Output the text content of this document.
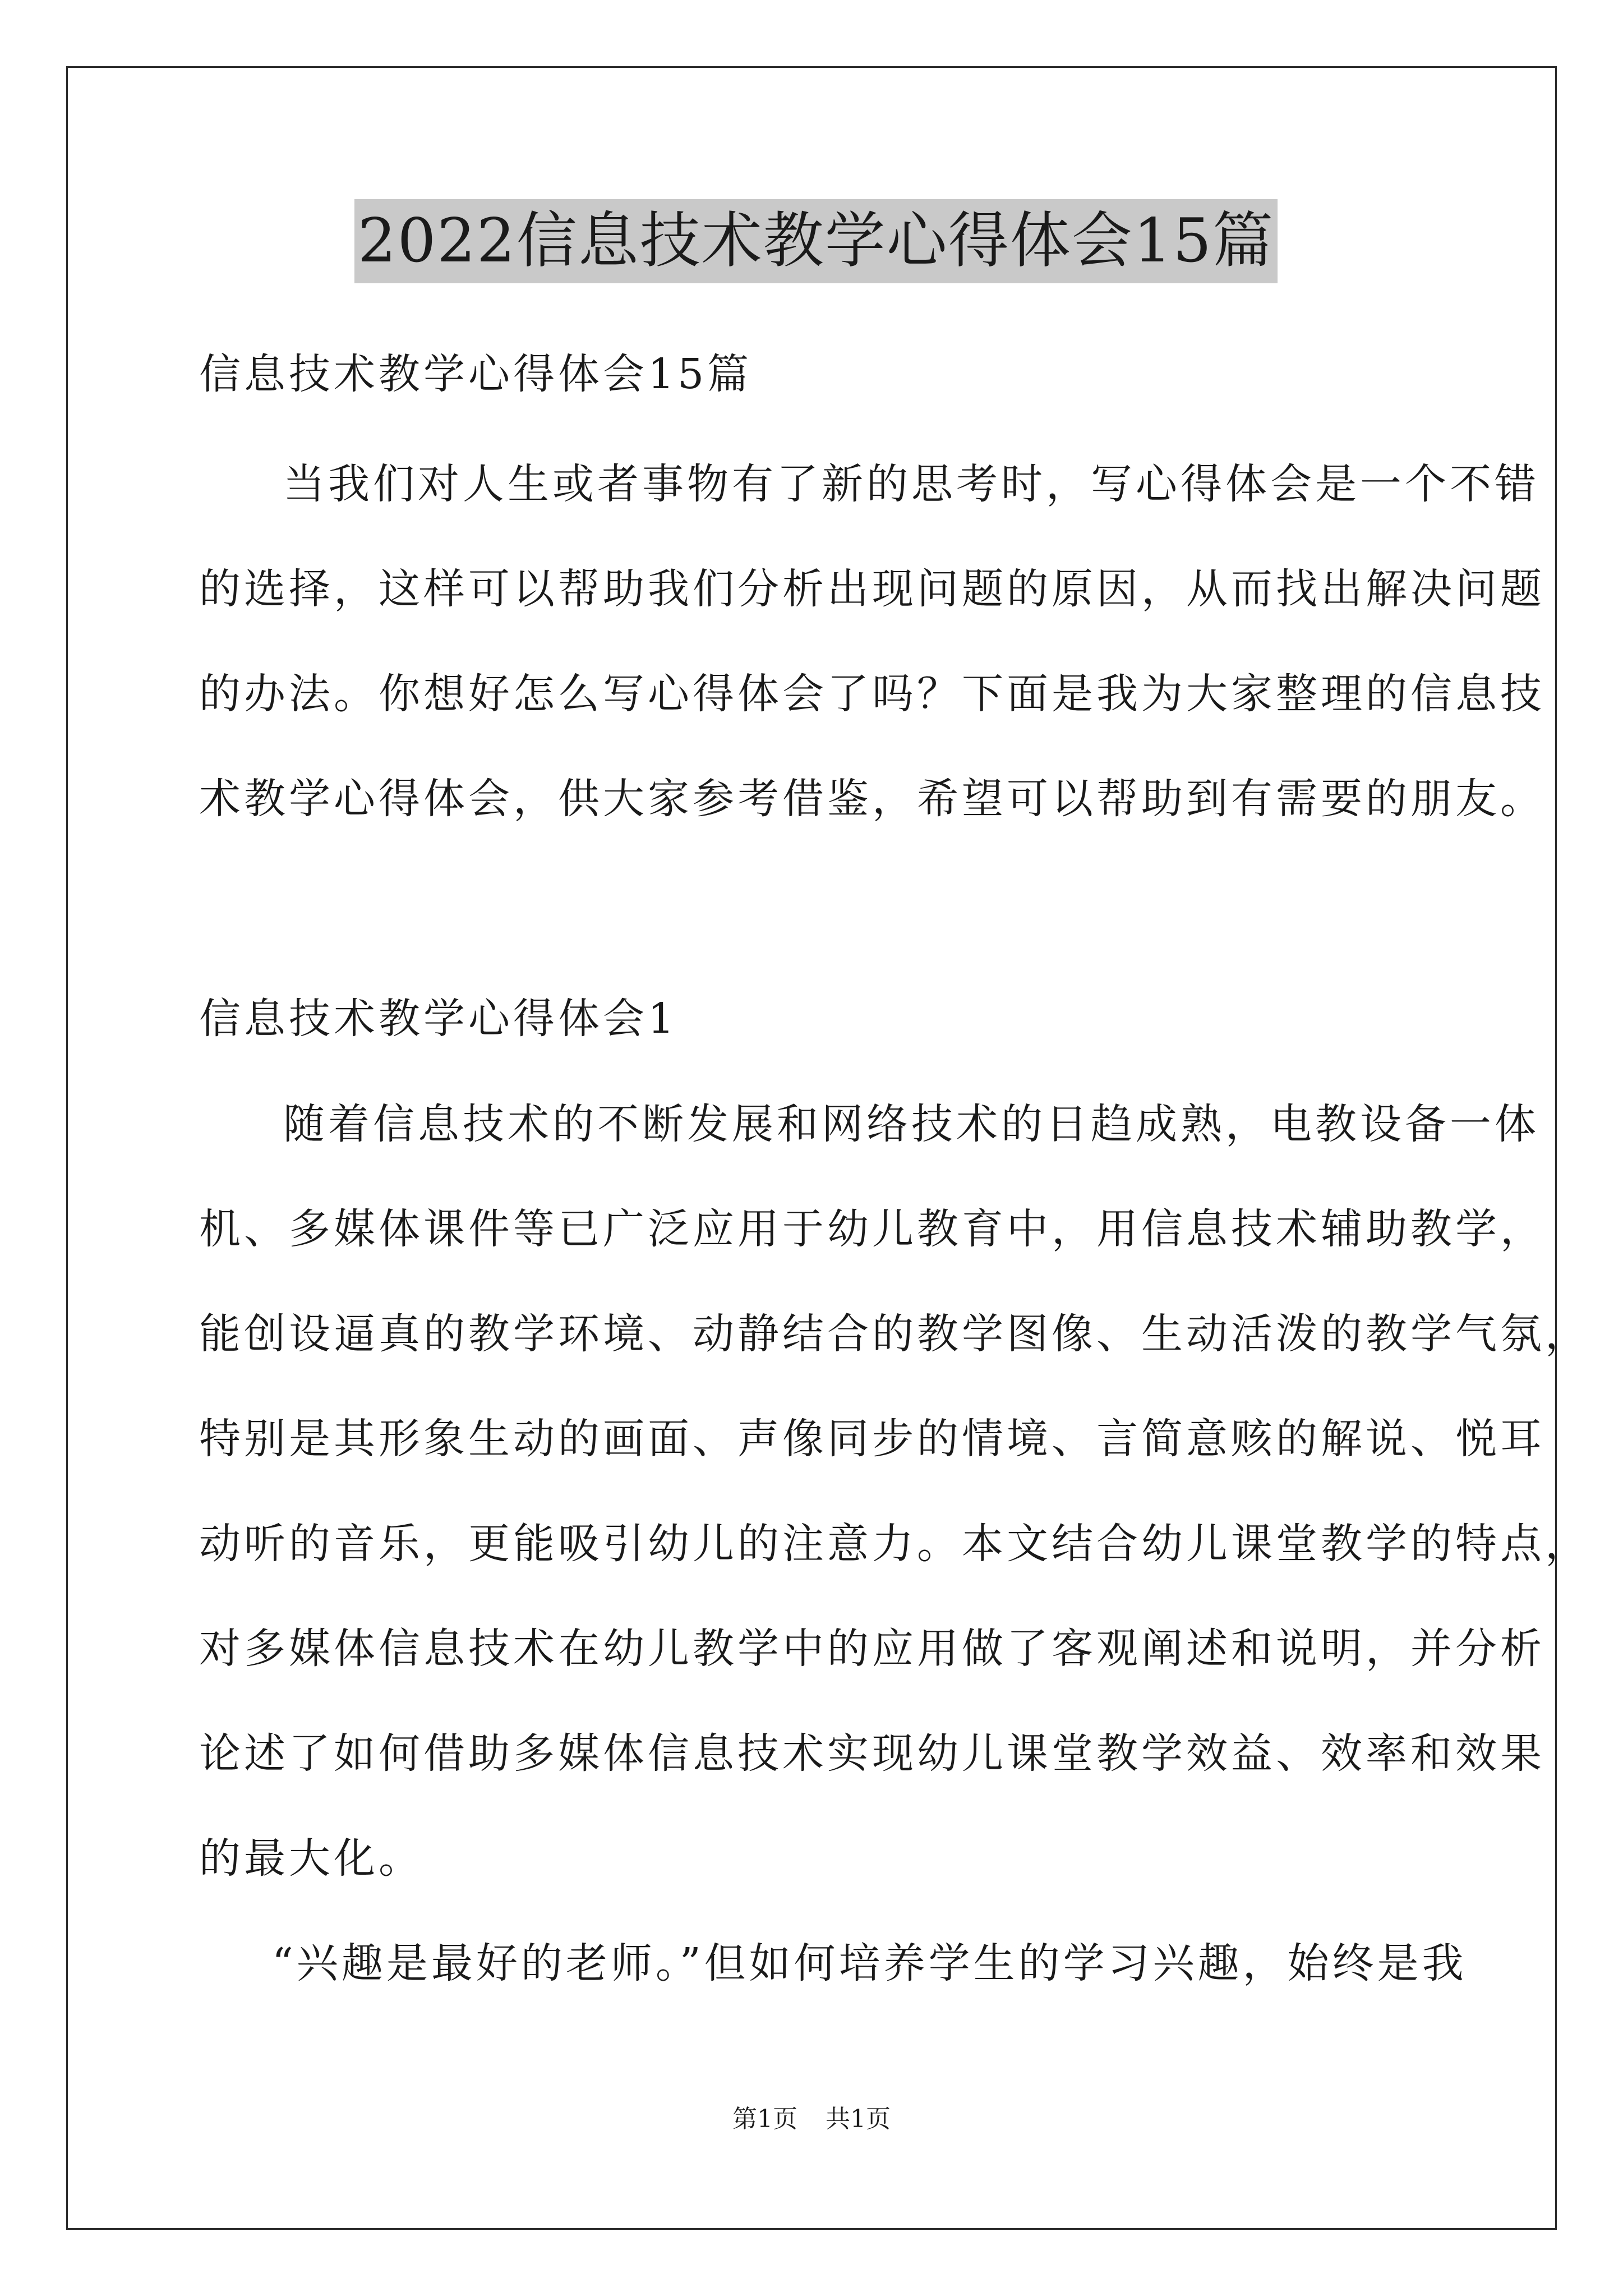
2022信息技术教学心得体会15篇
信息技术教学心得体会15篇
当我们对人生或者事物有了新的思考时，写心得体会是一个不错
的选择，这样可以帮助我们分析出现问题的原因，从而找出解决问题
的办法。你想好怎么写心得体会了吗？下面是我为大家整理的信息技
术教学心得体会，供大家参考借鉴，希望可以帮助到有需要的朋友。
信息技术教学心得体会1
随着信息技术的不断发展和网络技术的日趋成熟，电教设备一体
机、多媒体课件等已广泛应用于幼儿教育中，用信息技术辅助教学，
能创设逼真的教学环境、动静结合的教学图像、生动活泼的教学气氛，
特别是其形象生动的画面、声像同步的情境、言简意赅的解说、悦耳
动听的音乐，更能吸引幼儿的注意力。本文结合幼儿课堂教学的特点，
对多媒体信息技术在幼儿教学中的应用做了客观阐述和说明，并分析
论述了如何借助多媒体信息技术实现幼儿课堂教学效益、效率和效果
的最大化。
“兴趣是最好的老师。”但如何培养学生的学习兴趣，始终是我
第1页 共1页
